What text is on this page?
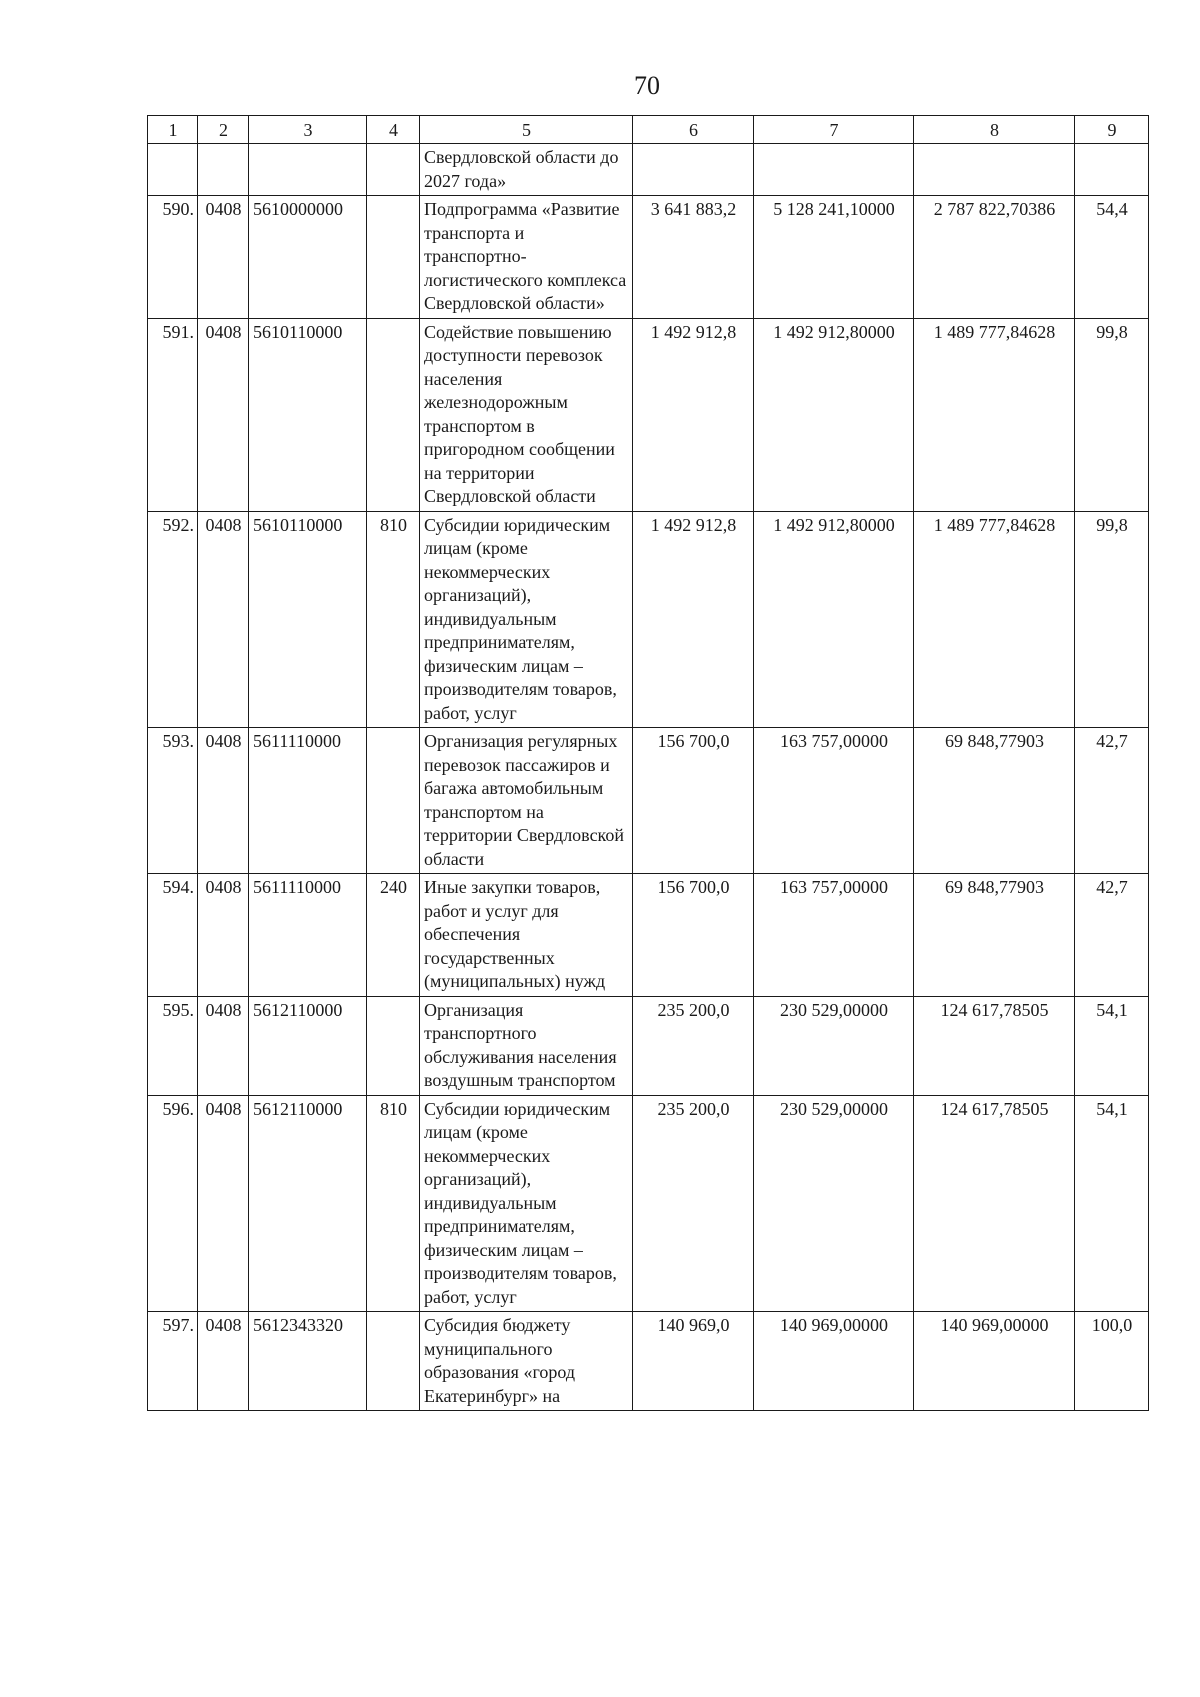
70
1	2	3	4	5	6	7	8	9
				Свердловской области до 2027 года»				
590.	0408	5610000000		Подпрограмма «Развитие транспорта и транспортно-логистического комплекса Свердловской области»	3 641 883,2	5 128 241,10000	2 787 822,70386	54,4
591.	0408	5610110000		Содействие повышению доступности перевозок населения железнодорожным транспортом в пригородном сообщении на территории Свердловской области	1 492 912,8	1 492 912,80000	1 489 777,84628	99,8
592.	0408	5610110000	810	Субсидии юридическим лицам (кроме некоммерческих организаций), индивидуальным предпринимателям, физическим лицам – производителям товаров, работ, услуг	1 492 912,8	1 492 912,80000	1 489 777,84628	99,8
593.	0408	5611110000		Организация регулярных перевозок пассажиров и багажа автомобильным транспортом на территории Свердловской области	156 700,0	163 757,00000	69 848,77903	42,7
594.	0408	5611110000	240	Иные закупки товаров, работ и услуг для обеспечения государственных (муниципальных) нужд	156 700,0	163 757,00000	69 848,77903	42,7
595.	0408	5612110000		Организация транспортного обслуживания населения воздушным транспортом	235 200,0	230 529,00000	124 617,78505	54,1
596.	0408	5612110000	810	Субсидии юридическим лицам (кроме некоммерческих организаций), индивидуальным предпринимателям, физическим лицам – производителям товаров, работ, услуг	235 200,0	230 529,00000	124 617,78505	54,1
597.	0408	5612343320		Субсидия бюджету муниципального образования «город Екатеринбург» на	140 969,0	140 969,00000	140 969,00000	100,0
